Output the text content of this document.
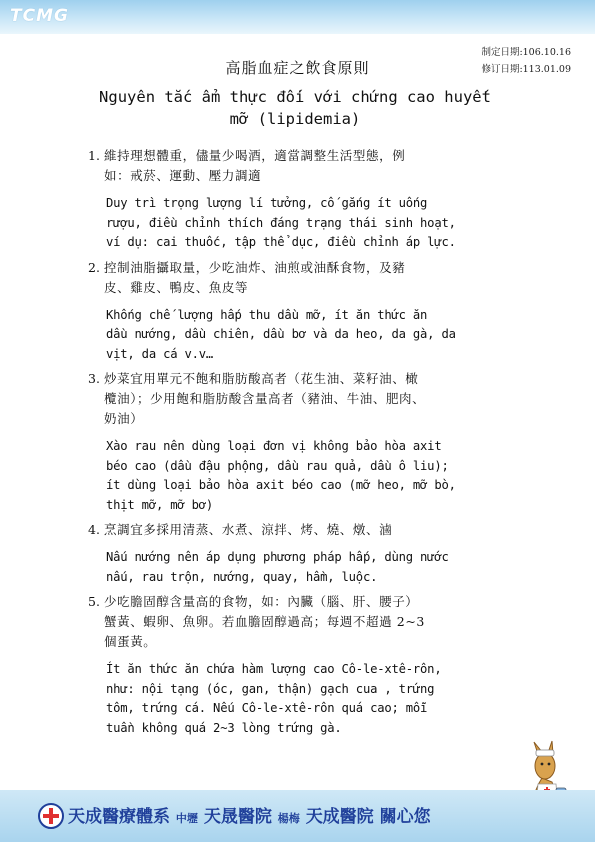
TCMG
制定日期:106.10.16
修订日期:113.01.09
高脂血症之飲食原則
Nguyên tắc ẩm thực đối với chứng cao huyết
mỡ (lipidemia)
1. 維持理想體重，儘量少喝酒，適當調整生活型態，例
如：戒菸、運動、壓力調適
Duy trì trọng lượng lí tưởng, cố gắng ít uống
rượu, điều chỉnh thích đáng trạng thái sinh hoạt,
ví dụ: cai thuốc, tập thể dục, điều chỉnh áp lực.
2. 控制油脂攝取量，少吃油炸、油煎或油酥食物，及豬
皮、雞皮、鴨皮、魚皮等
Khống chế lượng hấp thu dầu mỡ, ít ăn thức ăn
dầu nướng, dầu chiên, dầu bơ và da heo, da gà, da
vịt, da cá v.v…
3. 炒菜宜用單元不飽和脂肪酸高者（花生油、菜籽油、橄
欖油）；少用飽和脂肪酸含量高者（豬油、牛油、肥肉、
奶油）
Xào rau nên dùng loại đơn vị không bảo hòa axit
béo cao (dầu đậu phộng, dầu rau quả, dầu ô liu);
ít dùng loại bảo hòa axit béo cao (mỡ heo, mỡ bò,
thịt mỡ, mỡ bơ)
4. 烹調宜多採用清蒸、水煮、涼拌、烤、燒、燉、滷
Nấu nướng nên áp dụng phương pháp hấp, dùng nước
nấu, rau trộn, nướng, quay, hầm, luộc.
5. 少吃膽固醇含量高的食物，如：內臟（腦、肝、腰子）
蟹黃、蝦卵、魚卵。若血膽固醇過高；每週不超過 2~3
個蛋黃。
Ít ăn thức ăn chứa hàm lượng cao Cô-le-xtê-rôn,
như: nội tạng (óc, gan, thận) gạch cua , trứng
tôm, trứng cá. Nếu Cô-le-xtê-rôn quá cao; mỗi
tuần không quá 2~3 lòng trứng gà.
天成醫療體系 中壢 天晟醫院 楊梅 天成醫院 關心您
